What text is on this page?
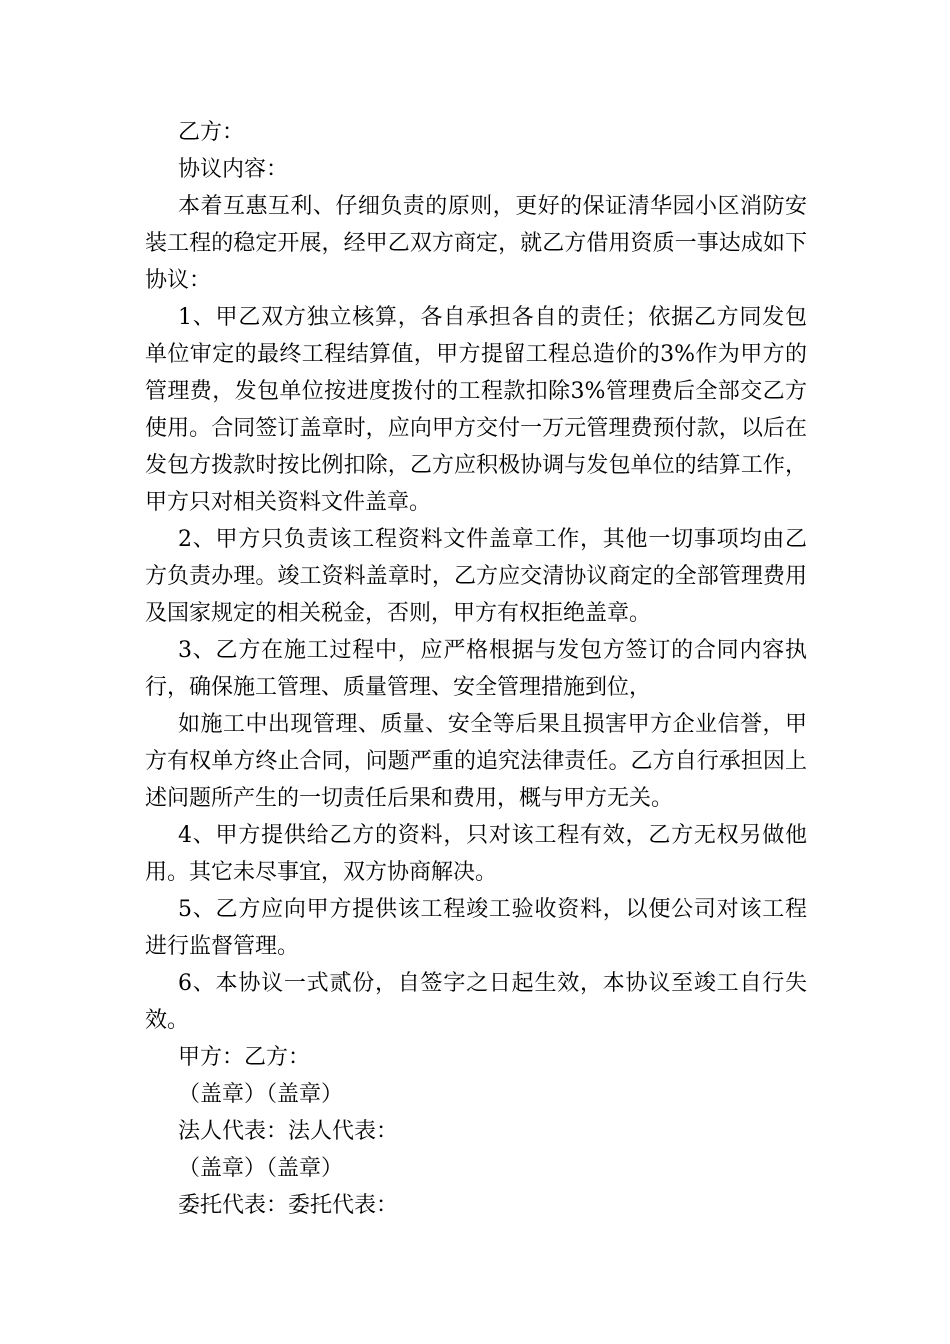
乙方：

协议内容：

本着互惠互利、仔细负责的原则，更好的保证清华园小区消防安装工程的稳定开展，经甲乙双方商定，就乙方借用资质一事达成如下协议：

1、甲乙双方独立核算，各自承担各自的责任；依据乙方同发包单位审定的最终工程结算值，甲方提留工程总造价的3%作为甲方的管理费，发包单位按进度拨付的工程款扣除3%管理费后全部交乙方使用。合同签订盖章时，应向甲方交付一万元管理费预付款，以后在发包方拨款时按比例扣除，乙方应积极协调与发包单位的结算工作，甲方只对相关资料文件盖章。

2、甲方只负责该工程资料文件盖章工作，其他一切事项均由乙方负责办理。竣工资料盖章时，乙方应交清协议商定的全部管理费用及国家规定的相关税金，否则，甲方有权拒绝盖章。

3、乙方在施工过程中，应严格根据与发包方签订的合同内容执行，确保施工管理、质量管理、安全管理措施到位，

如施工中出现管理、质量、安全等后果且损害甲方企业信誉，甲方有权单方终止合同，问题严重的追究法律责任。乙方自行承担因上述问题所产生的一切责任后果和费用，概与甲方无关。

4、甲方提供给乙方的资料，只对该工程有效，乙方无权另做他用。其它未尽事宜，双方协商解决。

5、乙方应向甲方提供该工程竣工验收资料，以便公司对该工程进行监督管理。

6、本协议一式贰份，自签字之日起生效，本协议至竣工自行失效。

甲方：乙方：

（盖章）（盖章）

法人代表：法人代表：

（盖章）（盖章）

委托代表：委托代表：
